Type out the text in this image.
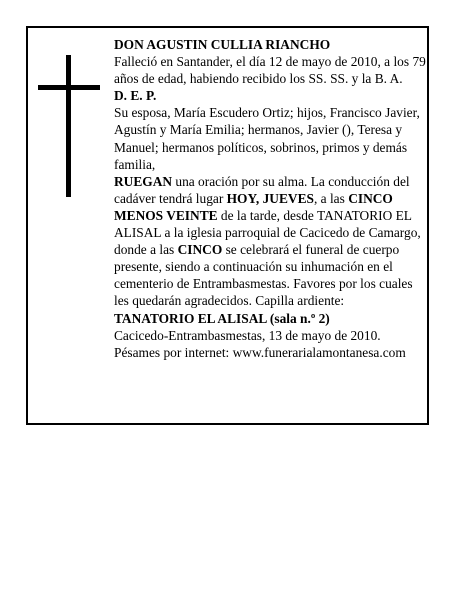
DON AGUSTIN CULLIA RIANCHO

Falleció en Santander, el día 12 de mayo de 2010, a los 79 años de edad, habiendo recibido los SS. SS. y la B. A.

D. E. P.

Su esposa, María Escudero Ortiz; hijos, Francisco Javier, Agustín y María Emilia; hermanos, Javier (), Teresa y Manuel; hermanos políticos, sobrinos, primos y demás familia,

RUEGAN una oración por su alma. La conducción del cadáver tendrá lugar HOY, JUEVES, a las CINCO MENOS VEINTE de la tarde, desde TANATORIO EL ALISAL a la iglesia parroquial de Cacicedo de Camargo, donde a las CINCO se celebrará el funeral de cuerpo presente, siendo a continuación su inhumación en el cementerio de Entrambasmestas. Favores por los cuales les quedarán agradecidos. Capilla ardiente:

TANATORIO EL ALISAL (sala n.º 2)

Cacicedo-Entrambasmestas, 13 de mayo de 2010.

Pésames por internet: www.funerarialamontanesa.com
